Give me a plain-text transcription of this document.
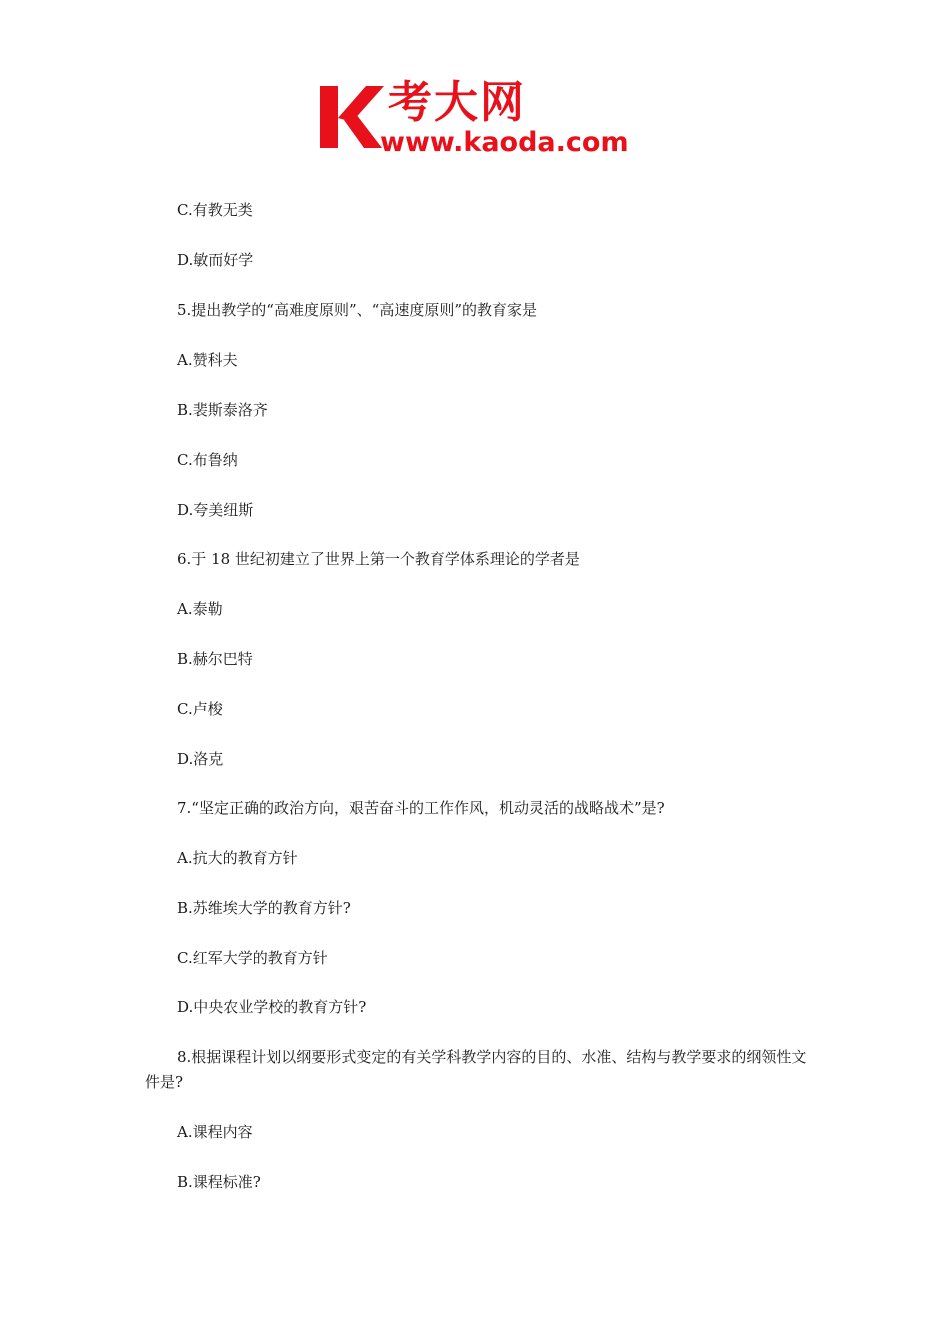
考大网
www.kaoda.com
C.有教无类
D.敏而好学
5.提出教学的“高难度原则”、“高速度原则”的教育家是
A.赞科夫
B.裴斯泰洛齐
C.布鲁纳
D.夸美纽斯
6.于 18 世纪初建立了世界上第一个教育学体系理论的学者是
A.泰勒
B.赫尔巴特
C.卢梭
D.洛克
7.“坚定正确的政治方向，艰苦奋斗的工作作风，机动灵活的战略战术”是?
A.抗大的教育方针
B.苏维埃大学的教育方针?
C.红军大学的教育方针
D.中央农业学校的教育方针?
8.根据课程计划以纲要形式变定的有关学科教学内容的目的、水准、结构与教学要求的纲领性文件是?
A.课程内容
B.课程标准?
